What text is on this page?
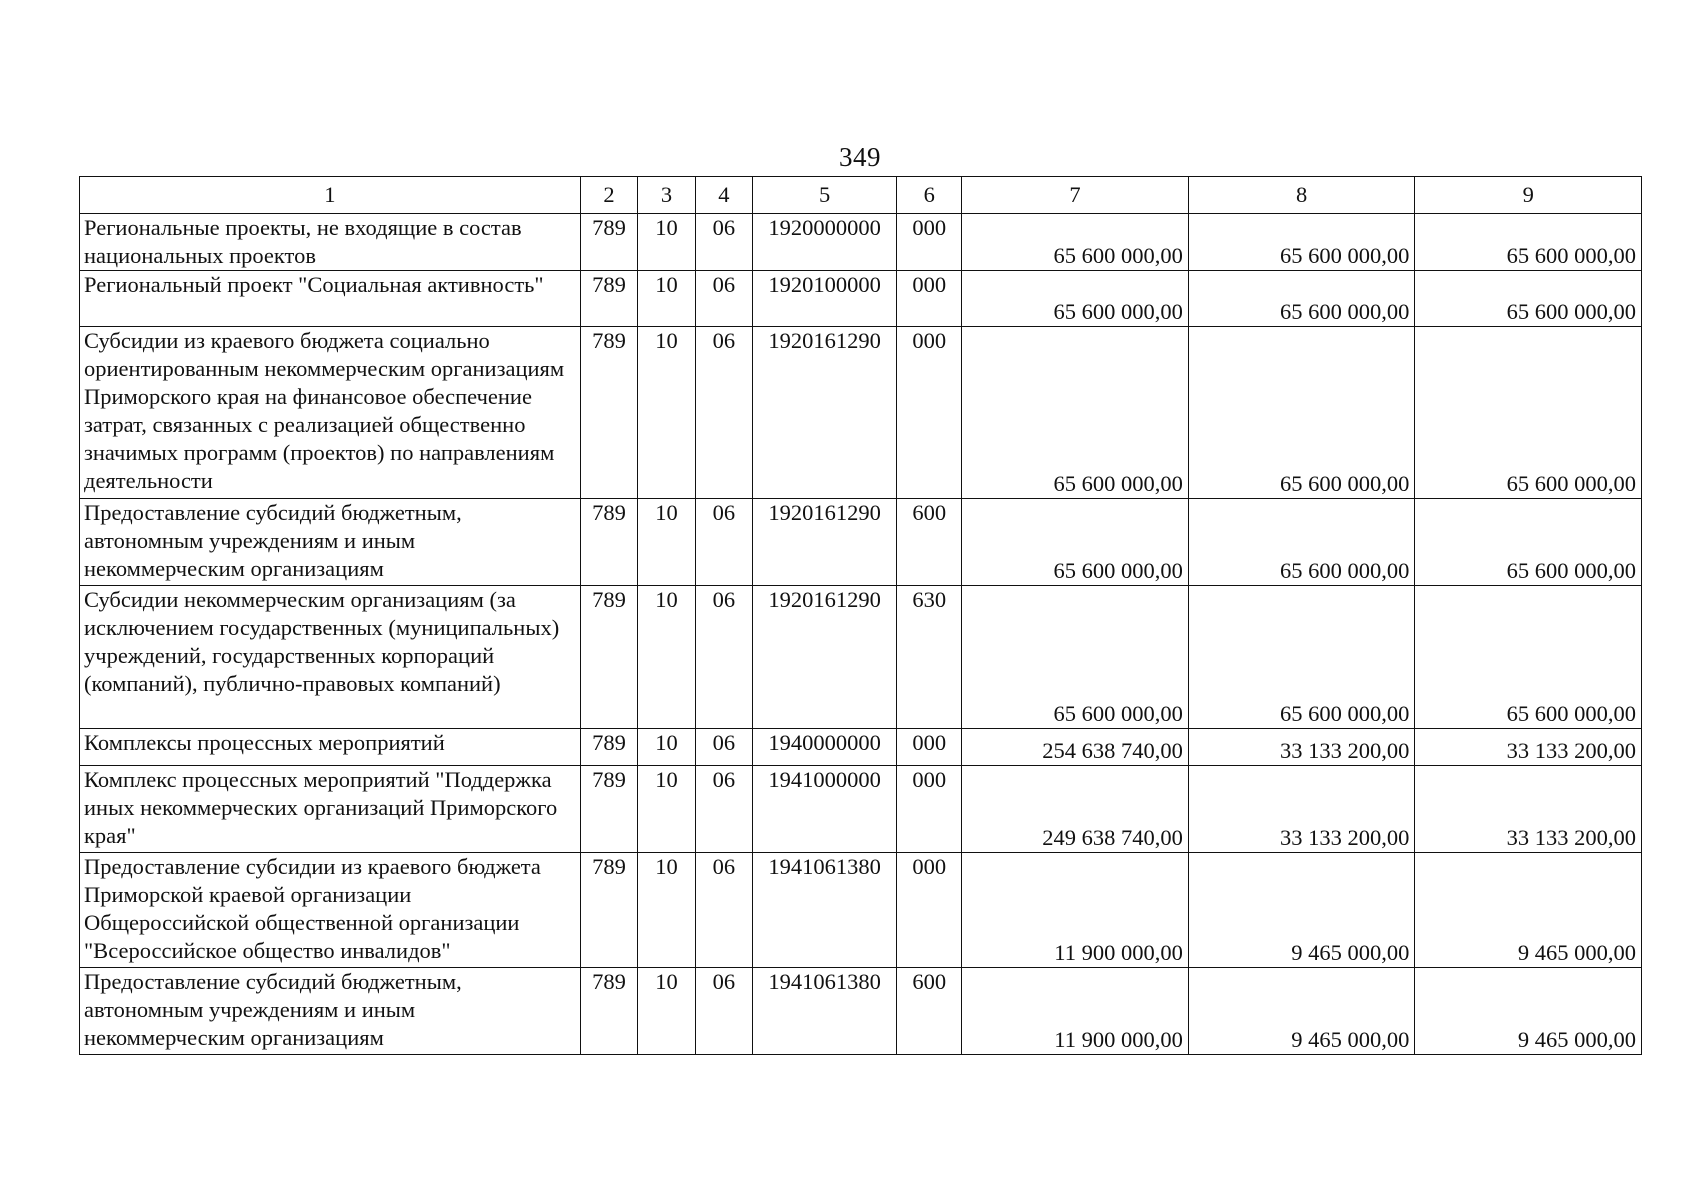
349
1	2	3	4	5	6	7	8	9
Региональные проекты, не входящие в состав национальных проектов	789	10	06	1920000000	000	65 600 000,00	65 600 000,00	65 600 000,00
Региональный проект "Социальная активность"	789	10	06	1920100000	000	65 600 000,00	65 600 000,00	65 600 000,00
Субсидии из краевого бюджета социально ориентированным некоммерческим организациям Приморского края на финансовое обеспечение затрат, связанных с реализацией общественно значимых программ (проектов) по направлениям деятельности	789	10	06	1920161290	000	65 600 000,00	65 600 000,00	65 600 000,00
Предоставление субсидий бюджетным, автономным учреждениям и иным некоммерческим организациям	789	10	06	1920161290	600	65 600 000,00	65 600 000,00	65 600 000,00
Субсидии некоммерческим организациям (за исключением государственных (муниципальных) учреждений, государственных корпораций (компаний), публично-правовых компаний)	789	10	06	1920161290	630	65 600 000,00	65 600 000,00	65 600 000,00
Комплексы процессных мероприятий	789	10	06	1940000000	000	254 638 740,00	33 133 200,00	33 133 200,00
Комплекс процессных мероприятий "Поддержка иных некоммерческих организаций Приморского края"	789	10	06	1941000000	000	249 638 740,00	33 133 200,00	33 133 200,00
Предоставление субсидии из краевого бюджета Приморской краевой организации Общероссийской общественной организации "Всероссийское общество инвалидов"	789	10	06	1941061380	000	11 900 000,00	9 465 000,00	9 465 000,00
Предоставление субсидий бюджетным, автономным учреждениям и иным некоммерческим организациям	789	10	06	1941061380	600	11 900 000,00	9 465 000,00	9 465 000,00
